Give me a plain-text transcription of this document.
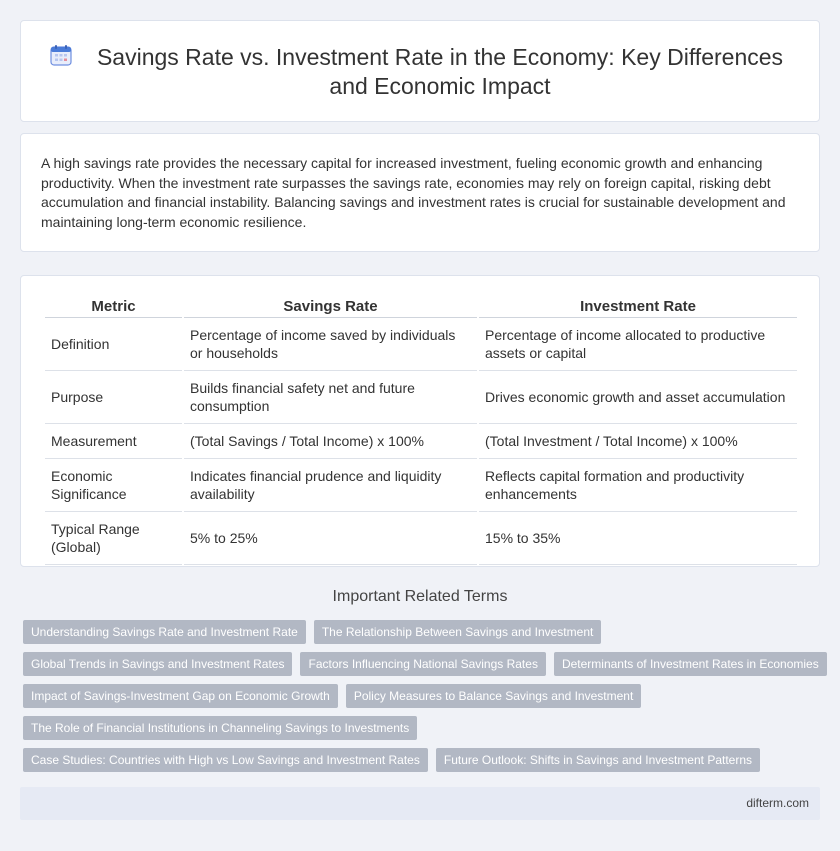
Savings Rate vs. Investment Rate in the Economy: Key Differences and Economic Impact

A high savings rate provides the necessary capital for increased investment, fueling economic growth and enhancing productivity. When the investment rate surpasses the savings rate, economies may rely on foreign capital, risking debt accumulation and financial instability. Balancing savings and investment rates is crucial for sustainable development and maintaining long-term economic resilience.

Metric	Savings Rate	Investment Rate
Definition	Percentage of income saved by individuals or households	Percentage of income allocated to productive assets or capital
Purpose	Builds financial safety net and future consumption	Drives economic growth and asset accumulation
Measurement	(Total Savings / Total Income) x 100%	(Total Investment / Total Income) x 100%
Economic Significance	Indicates financial prudence and liquidity availability	Reflects capital formation and productivity enhancements
Typical Range (Global)	5% to 25%	15% to 35%
Important Related Terms
Understanding Savings Rate and Investment Rate	The Relationship Between Savings and Investment
Global Trends in Savings and Investment Rates	Factors Influencing National Savings Rates	Determinants of Investment Rates in Economies
Impact of Savings-Investment Gap on Economic Growth	Policy Measures to Balance Savings and Investment
The Role of Financial Institutions in Channeling Savings to Investments
Case Studies: Countries with High vs Low Savings and Investment Rates	Future Outlook: Shifts in Savings and Investment Patterns
difterm.com
